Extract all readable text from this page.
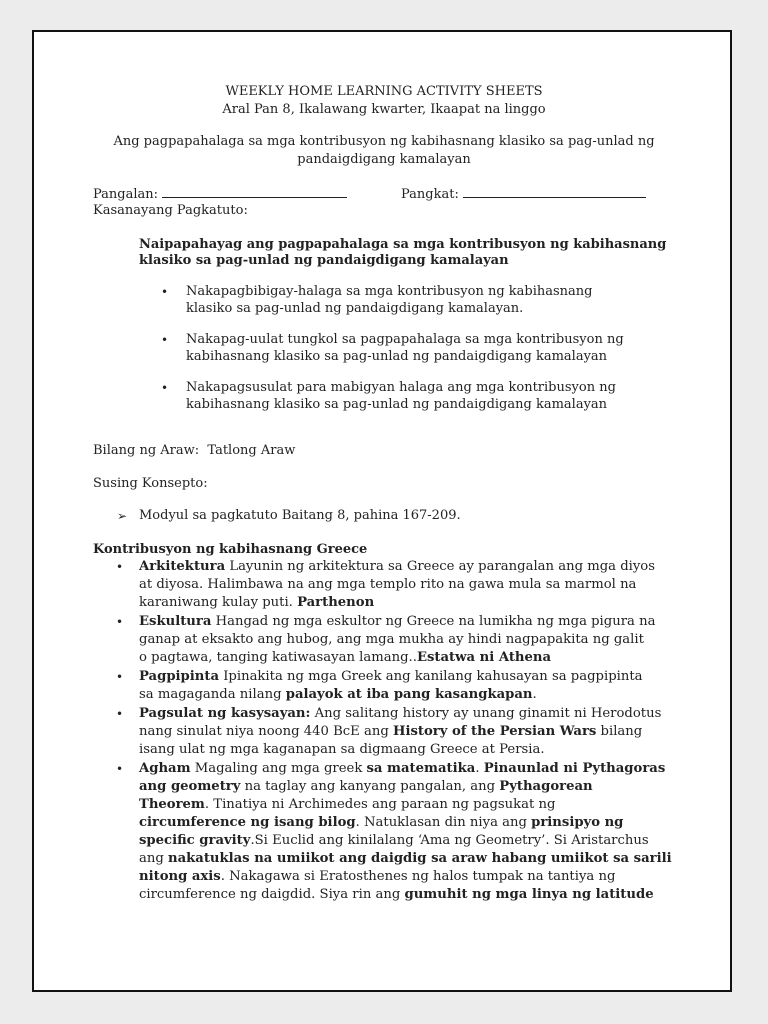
WEEKLY HOME LEARNING ACTIVITY SHEETS
Aral Pan 8, Ikalawang kwarter, Ikaapat na linggo
Ang pagpapahalaga sa mga kontribusyon ng kabihasnang klasiko sa pag-unlad ng
pandaigdigang kamalayan
Pangalan:	Pangkat:
Kasanayang Pagkatuto:
Naipapahayag ang pagpapahalaga sa mga kontribusyon ng kabihasnang
klasiko sa pag-unlad ng pandaigdigang kamalayan
• Nakapagbibigay-halaga sa mga kontribusyon ng kabihasnang
klasiko sa pag-unlad ng pandaigdigang kamalayan.
• Nakapag-uulat tungkol sa pagpapahalaga sa mga kontribusyon ng
kabihasnang klasiko sa pag-unlad ng pandaigdigang kamalayan
• Nakapagsusulat para mabigyan halaga ang mga kontribusyon ng
kabihasnang klasiko sa pag-unlad ng pandaigdigang kamalayan
Bilang ng Araw: Tatlong Araw
Susing Konsepto:
➢ Modyul sa pagkatuto Baitang 8, pahina 167-209.
Kontribusyon ng kabihasnang Greece
• Arkitektura Layunin ng arkitektura sa Greece ay parangalan ang mga diyos
at diyosa. Halimbawa na ang mga templo rito na gawa mula sa marmol na
karaniwang kulay puti. Parthenon
• Eskultura Hangad ng mga eskultor ng Greece na lumikha ng mga pigura na
ganap at eksakto ang hubog, ang mga mukha ay hindi nagpapakita ng galit
o pagtawa, tanging katiwasayan lamang..Estatwa ni Athena
• Pagpipinta Ipinakita ng mga Greek ang kanilang kahusayan sa pagpipinta
sa magaganda nilang palayok at iba pang kasangkapan.
• Pagsulat ng kasysayan: Ang salitang history ay unang ginamit ni Herodotus
nang sinulat niya noong 440 BcE ang History of the Persian Wars bilang
isang ulat ng mga kaganapan sa digmaang Greece at Persia.
• Agham Magaling ang mga greek sa matematika. Pinaunlad ni Pythagoras
ang geometry na taglay ang kanyang pangalan, ang Pythagorean
Theorem. Tinatiya ni Archimedes ang paraan ng pagsukat ng
circumference ng isang bilog. Natuklasan din niya ang prinsipyo ng
specific gravity.Si Euclid ang kinilalang ‘Ama ng Geometry’. Si Aristarchus
ang nakatuklas na umiikot ang daigdig sa araw habang umiikot sa sarili
nitong axis. Nakagawa si Eratosthenes ng halos tumpak na tantiya ng
circumference ng daigdid. Siya rin ang gumuhit ng mga linya ng latitude
